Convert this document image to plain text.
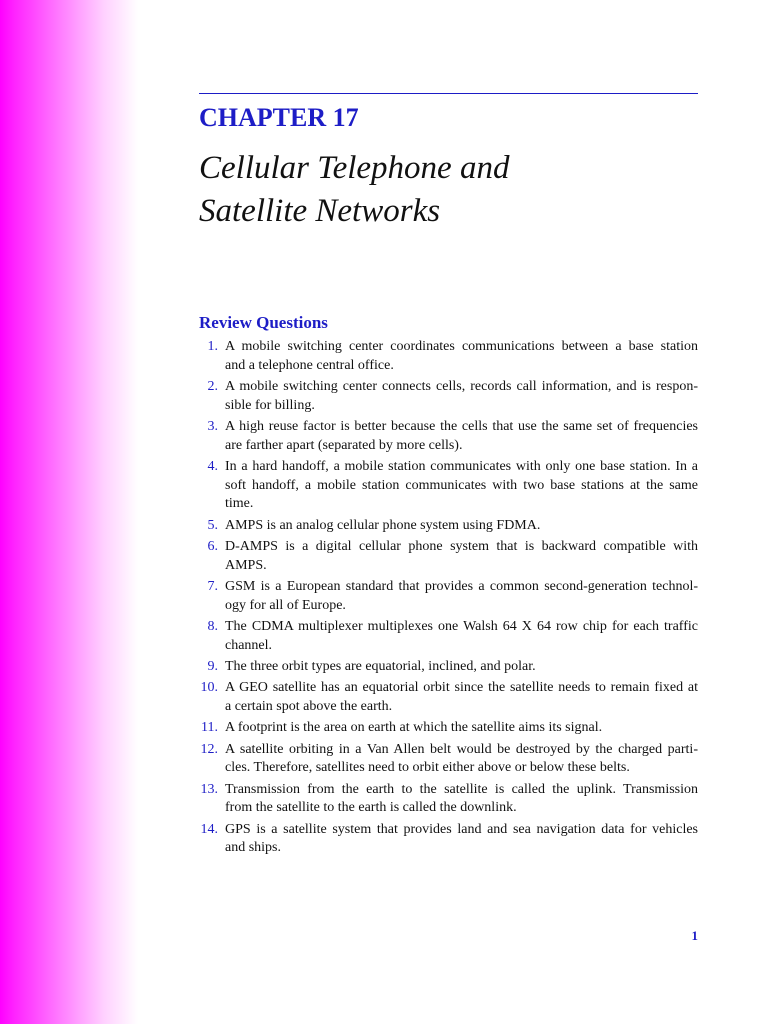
CHAPTER 17
Cellular Telephone and
Satellite Networks
Review Questions
1. A mobile switching center coordinates communications between a base station
and a telephone central office.
2. A mobile switching center connects cells, records call information, and is respon-
sible for billing.
3. A high reuse factor is better because the cells that use the same set of frequencies
are farther apart (separated by more cells).
4. In a hard handoff, a mobile station communicates with only one base station. In a
soft handoff, a mobile station communicates with two base stations at the same
time.
5. AMPS is an analog cellular phone system using FDMA.
6. D-AMPS is a digital cellular phone system that is backward compatible with
AMPS.
7. GSM is a European standard that provides a common second-generation technol-
ogy for all of Europe.
8. The CDMA multiplexer multiplexes one Walsh 64 X 64 row chip for each traffic
channel.
9. The three orbit types are equatorial, inclined, and polar.
10. A GEO satellite has an equatorial orbit since the satellite needs to remain fixed at
a certain spot above the earth.
11. A footprint is the area on earth at which the satellite aims its signal.
12. A satellite orbiting in a Van Allen belt would be destroyed by the charged parti-
cles. Therefore, satellites need to orbit either above or below these belts.
13. Transmission from the earth to the satellite is called the uplink. Transmission
from the satellite to the earth is called the downlink.
14. GPS is a satellite system that provides land and sea navigation data for vehicles
and ships.
1
